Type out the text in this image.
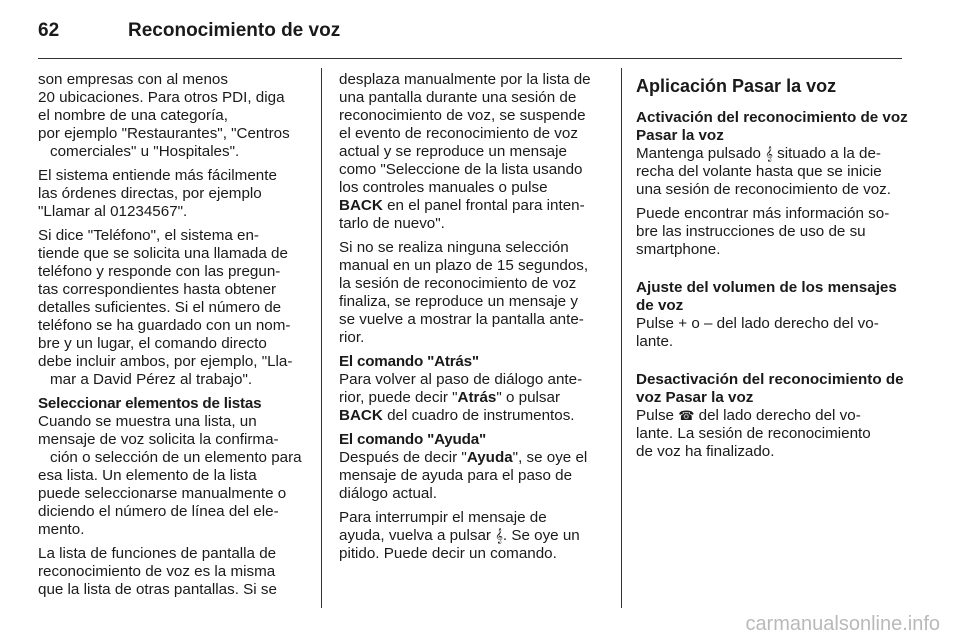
62	Reconocimiento de voz

son empresas con al menos
20 ubicaciones. Para otros PDI, diga
el nombre de una categoría,
por ejemplo "Restaurantes", "Centros
comerciales" u "Hospitales".

El sistema entiende más fácilmente
las órdenes directas, por ejemplo
"Llamar al 01234567".

Si dice "Teléfono", el sistema en-
tiende que se solicita una llamada de
teléfono y responde con las pregun-
tas correspondientes hasta obtener
detalles suficientes. Si el número de
teléfono se ha guardado con un nom-
bre y un lugar, el comando directo
debe incluir ambos, por ejemplo, "Lla-
mar a David Pérez al trabajo".

Seleccionar elementos de listas

Cuando se muestra una lista, un
mensaje de voz solicita la confirma-
ción o selección de un elemento para
esa lista. Un elemento de la lista
puede seleccionarse manualmente o
diciendo el número de línea del ele-
mento.

La lista de funciones de pantalla de
reconocimiento de voz es la misma
que la lista de otras pantallas. Si se

desplaza manualmente por la lista de
una pantalla durante una sesión de
reconocimiento de voz, se suspende
el evento de reconocimiento de voz
actual y se reproduce un mensaje
como "Seleccione de la lista usando
los controles manuales o pulse
BACK en el panel frontal para inten-
tarlo de nuevo".

Si no se realiza ninguna selección
manual en un plazo de 15 segundos,
la sesión de reconocimiento de voz
finaliza, se reproduce un mensaje y
se vuelve a mostrar la pantalla ante-
rior.

El comando "Atrás"

Para volver al paso de diálogo ante-
rior, puede decir "Atrás" o pulsar
BACK del cuadro de instrumentos.

El comando "Ayuda"

Después de decir "Ayuda", se oye el
mensaje de ayuda para el paso de
diálogo actual.

Para interrumpir el mensaje de
ayuda, vuelva a pulsar 𝄞. Se oye un
pitido. Puede decir un comando.

Aplicación Pasar la voz
Activación del reconocimiento de voz
Pasar la voz

Mantenga pulsado 𝄞 situado a la de-
recha del volante hasta que se inicie
una sesión de reconocimiento de voz.

Puede encontrar más información so-
bre las instrucciones de uso de su
smartphone.

Ajuste del volumen de los mensajes
de voz

Pulse + o – del lado derecho del vo-
lante.

Desactivación del reconocimiento de
voz Pasar la voz

Pulse ☎ del lado derecho del vo-
lante. La sesión de reconocimiento
de voz ha finalizado.

carmanualsonline.info
